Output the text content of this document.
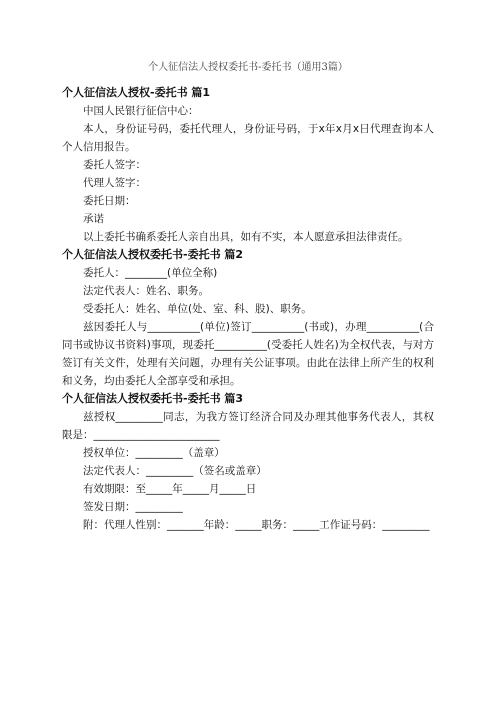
个人征信法人授权委托书-委托书（通用3篇）

个人征信法人授权-委托书 篇1

中国人民银行征信中心：

本人，身份证号码，委托代理人，身份证号码，于x年x月x日代理查询本人个人信用报告。

委托人签字：

代理人签字：

委托日期：

承诺

以上委托书确系委托人亲自出具，如有不实，本人愿意承担法律责任。

个人征信法人授权委托书-委托书 篇2

委托人：________(单位全称)

法定代表人：姓名、职务。

受委托人：姓名、单位(处、室、科、股)、职务。

兹因委托人与__________(单位)签订__________(书或)，办理__________(合同书或协议书资料)事项，现委托__________(受委托人姓名)为全权代表，与对方签订有关文件，处理有关问题，办理有关公证事项。由此在法律上所产生的权利和义务，均由委托人全部享受和承担。

个人征信法人授权委托书-委托书 篇3

兹授权_________同志，为我方签订经济合同及办理其他事务代表人，其权限是：________________________

授权单位：_________（盖章）

法定代表人：_________（签名或盖章）

有效期限：至_____年_____月_____日

签发日期：_________

附：代理人性别：_______年龄：_____职务：_____工作证号码：_________
